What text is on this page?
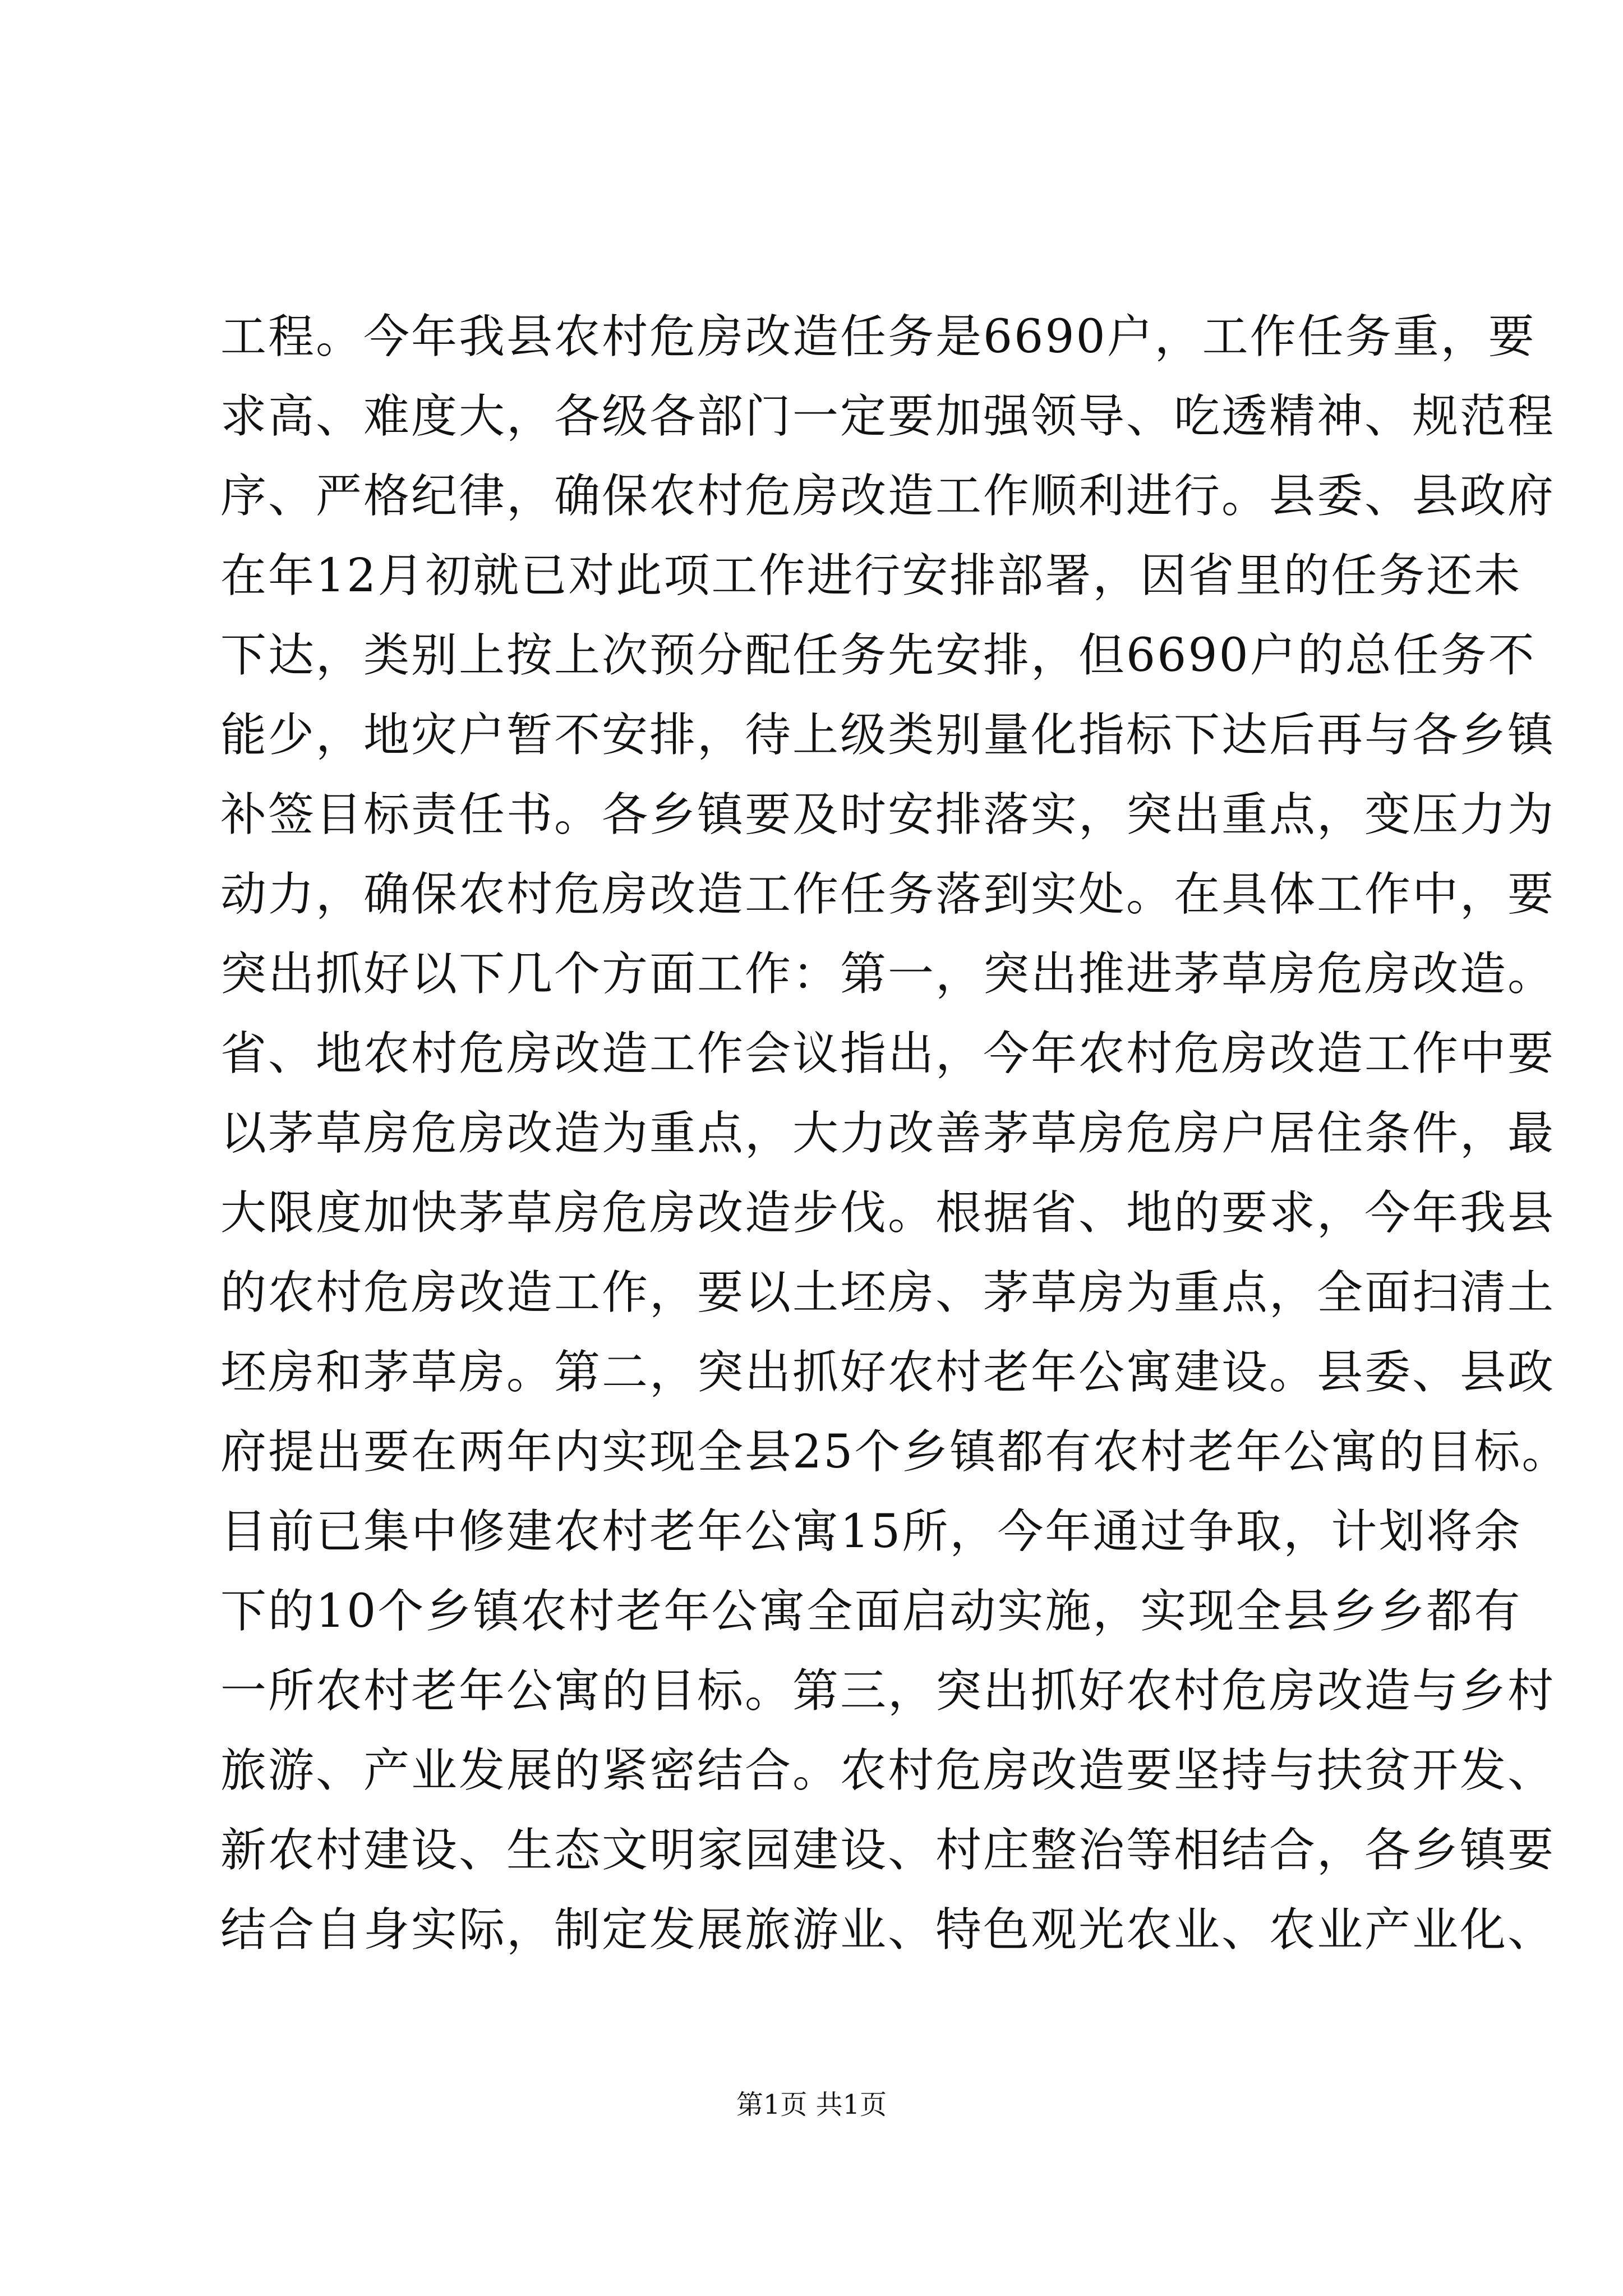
工程。今年我县农村危房改造任务是6690户，工作任务重，要
求高、难度大，各级各部门一定要加强领导、吃透精神、规范程
序、严格纪律，确保农村危房改造工作顺利进行。县委、县政府
在年12月初就已对此项工作进行安排部署，因省里的任务还未
下达，类别上按上次预分配任务先安排，但6690户的总任务不
能少，地灾户暂不安排，待上级类别量化指标下达后再与各乡镇
补签目标责任书。各乡镇要及时安排落实，突出重点，变压力为
动力，确保农村危房改造工作任务落到实处。在具体工作中，要
突出抓好以下几个方面工作：第一，突出推进茅草房危房改造。
省、地农村危房改造工作会议指出，今年农村危房改造工作中要
以茅草房危房改造为重点，大力改善茅草房危房户居住条件，最
大限度加快茅草房危房改造步伐。根据省、地的要求，今年我县
的农村危房改造工作，要以土坯房、茅草房为重点，全面扫清土
坯房和茅草房。第二，突出抓好农村老年公寓建设。县委、县政
府提出要在两年内实现全县25个乡镇都有农村老年公寓的目标。
目前已集中修建农村老年公寓15所，今年通过争取，计划将余
下的10个乡镇农村老年公寓全面启动实施，实现全县乡乡都有
一所农村老年公寓的目标。第三，突出抓好农村危房改造与乡村
旅游、产业发展的紧密结合。农村危房改造要坚持与扶贫开发、
新农村建设、生态文明家园建设、村庄整治等相结合，各乡镇要
结合自身实际，制定发展旅游业、特色观光农业、农业产业化、
第1页 共1页
